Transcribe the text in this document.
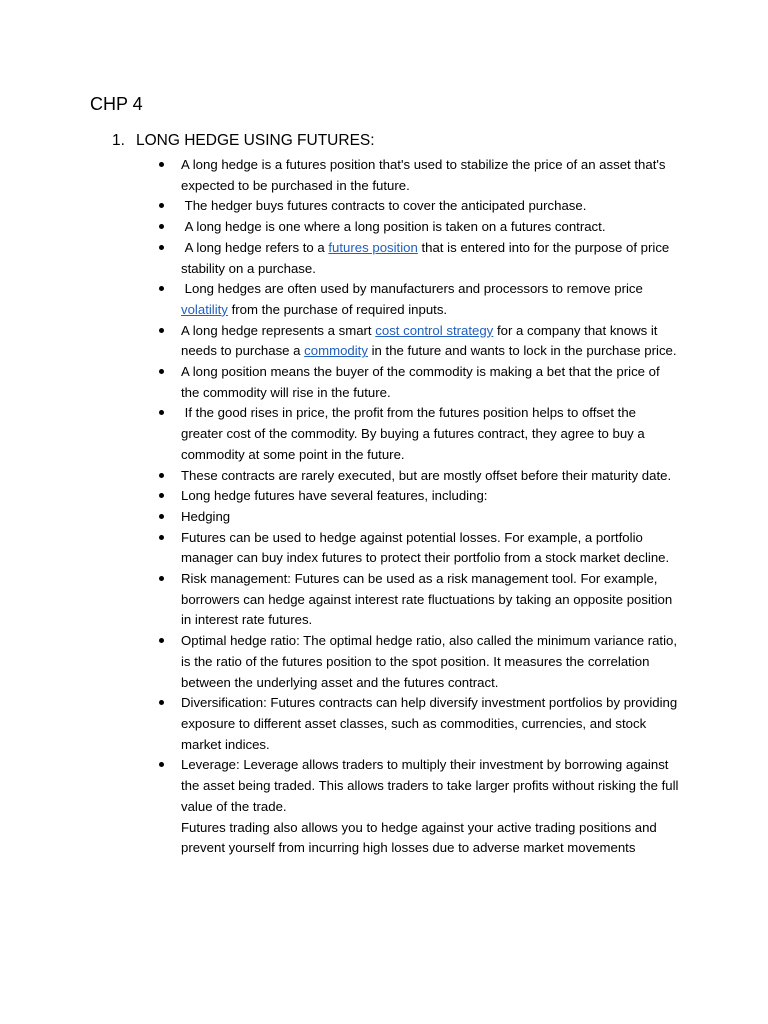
CHP 4
1. LONG HEDGE USING FUTURES:
A long hedge is a futures position that's used to stabilize the price of an asset that's expected to be purchased in the future.
The hedger buys futures contracts to cover the anticipated purchase.
A long hedge is one where a long position is taken on a futures contract.
A long hedge refers to a futures position that is entered into for the purpose of price stability on a purchase.
Long hedges are often used by manufacturers and processors to remove price volatility from the purchase of required inputs.
A long hedge represents a smart cost control strategy for a company that knows it needs to purchase a commodity in the future and wants to lock in the purchase price.
A long position means the buyer of the commodity is making a bet that the price of the commodity will rise in the future.
If the good rises in price, the profit from the futures position helps to offset the greater cost of the commodity. By buying a futures contract, they agree to buy a commodity at some point in the future.
These contracts are rarely executed, but are mostly offset before their maturity date.
Long hedge futures have several features, including:
Hedging
Futures can be used to hedge against potential losses. For example, a portfolio manager can buy index futures to protect their portfolio from a stock market decline.
Risk management: Futures can be used as a risk management tool. For example, borrowers can hedge against interest rate fluctuations by taking an opposite position in interest rate futures.
Optimal hedge ratio: The optimal hedge ratio, also called the minimum variance ratio, is the ratio of the futures position to the spot position. It measures the correlation between the underlying asset and the futures contract.
Diversification: Futures contracts can help diversify investment portfolios by providing exposure to different asset classes, such as commodities, currencies, and stock market indices.
Leverage: Leverage allows traders to multiply their investment by borrowing against the asset being traded. This allows traders to take larger profits without risking the full value of the trade.

Futures trading also allows you to hedge against your active trading positions and prevent yourself from incurring high losses due to adverse market movements
